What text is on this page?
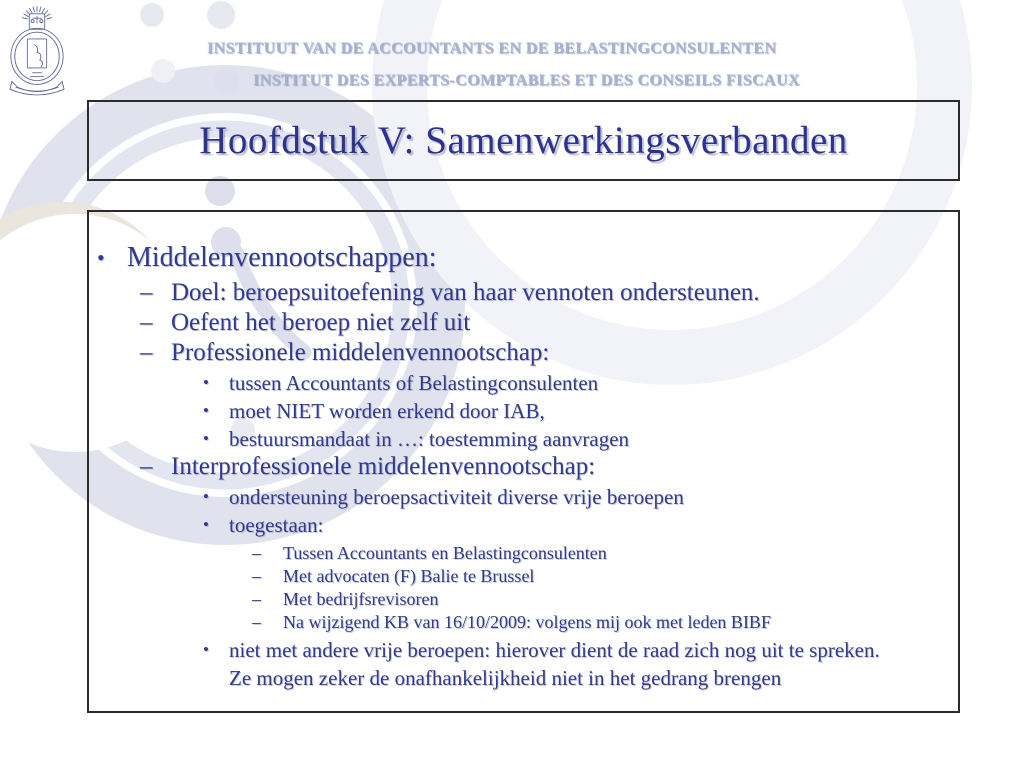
INSTITUUT VAN DE ACCOUNTANTS EN DE BELASTINGCONSULENTEN
INSTITUT DES EXPERTS-COMPTABLES ET DES CONSEILS FISCAUX
Hoofdstuk V: Samenwerkingsverbanden
• Middelenvennootschappen:
– Doel: beroepsuitoefening van haar vennoten ondersteunen.
– Oefent het beroep niet zelf uit
– Professionele middelenvennootschap:
• tussen Accountants of Belastingconsulenten
• moet NIET worden erkend door IAB,
• bestuursmandaat in …: toestemming aanvragen
– Interprofessionele middelenvennootschap:
• ondersteuning beroepsactiviteit diverse vrije beroepen
• toegestaan:
– Tussen Accountants en Belastingconsulenten
– Met advocaten (F) Balie te Brussel
– Met bedrijfsrevisoren
– Na wijzigend KB van 16/10/2009: volgens mij ook met leden BIBF
• niet met andere vrije beroepen: hierover dient de raad zich nog uit te spreken. Ze mogen zeker de onafhankelijkheid niet in het gedrang brengen
